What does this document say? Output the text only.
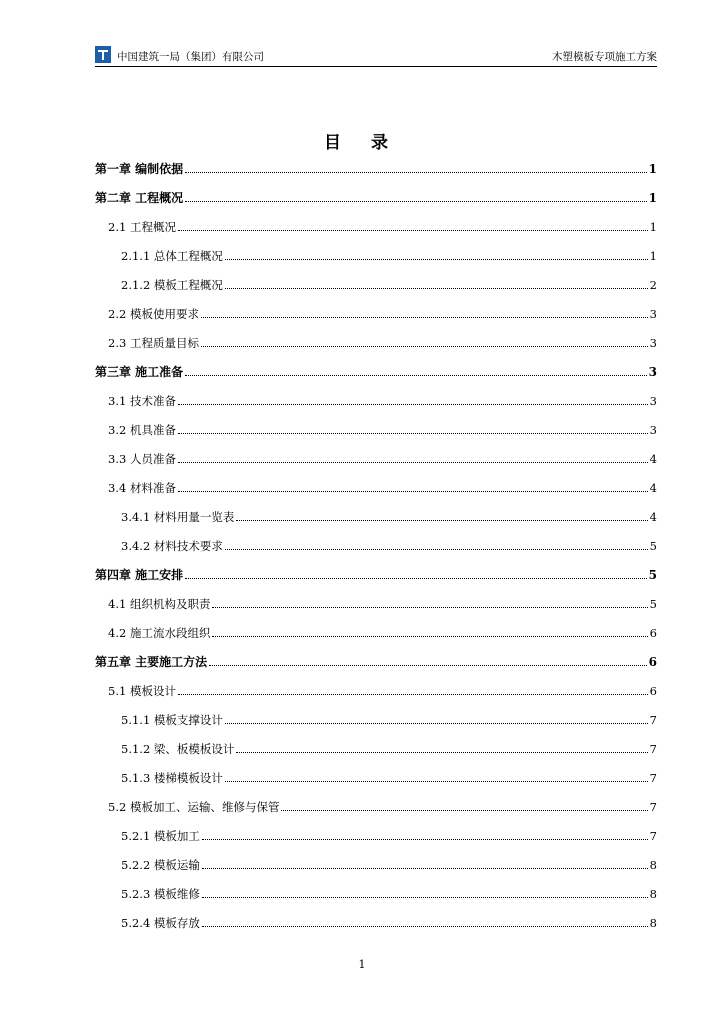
中国建筑一局（集团）有限公司	木塑模板专项施工方案
目 录
第一章 编制依据	1
第二章 工程概况	1
2.1 工程概况	1
2.1.1 总体工程概况	1
2.1.2 模板工程概况	2
2.2 模板使用要求	3
2.3 工程质量目标	3
第三章 施工准备	3
3.1 技术准备	3
3.2 机具准备	3
3.3 人员准备	4
3.4 材料准备	4
3.4.1 材料用量一览表	4
3.4.2 材料技术要求	5
第四章 施工安排	5
4.1 组织机构及职责	5
4.2 施工流水段组织	6
第五章 主要施工方法	6
5.1 模板设计	6
5.1.1 模板支撑设计	7
5.1.2 梁、板模板设计	7
5.1.3 楼梯模板设计	7
5.2 模板加工、运输、维修与保管	7
5.2.1 模板加工	7
5.2.2 模板运输	8
5.2.3 模板维修	8
5.2.4 模板存放	8
1
